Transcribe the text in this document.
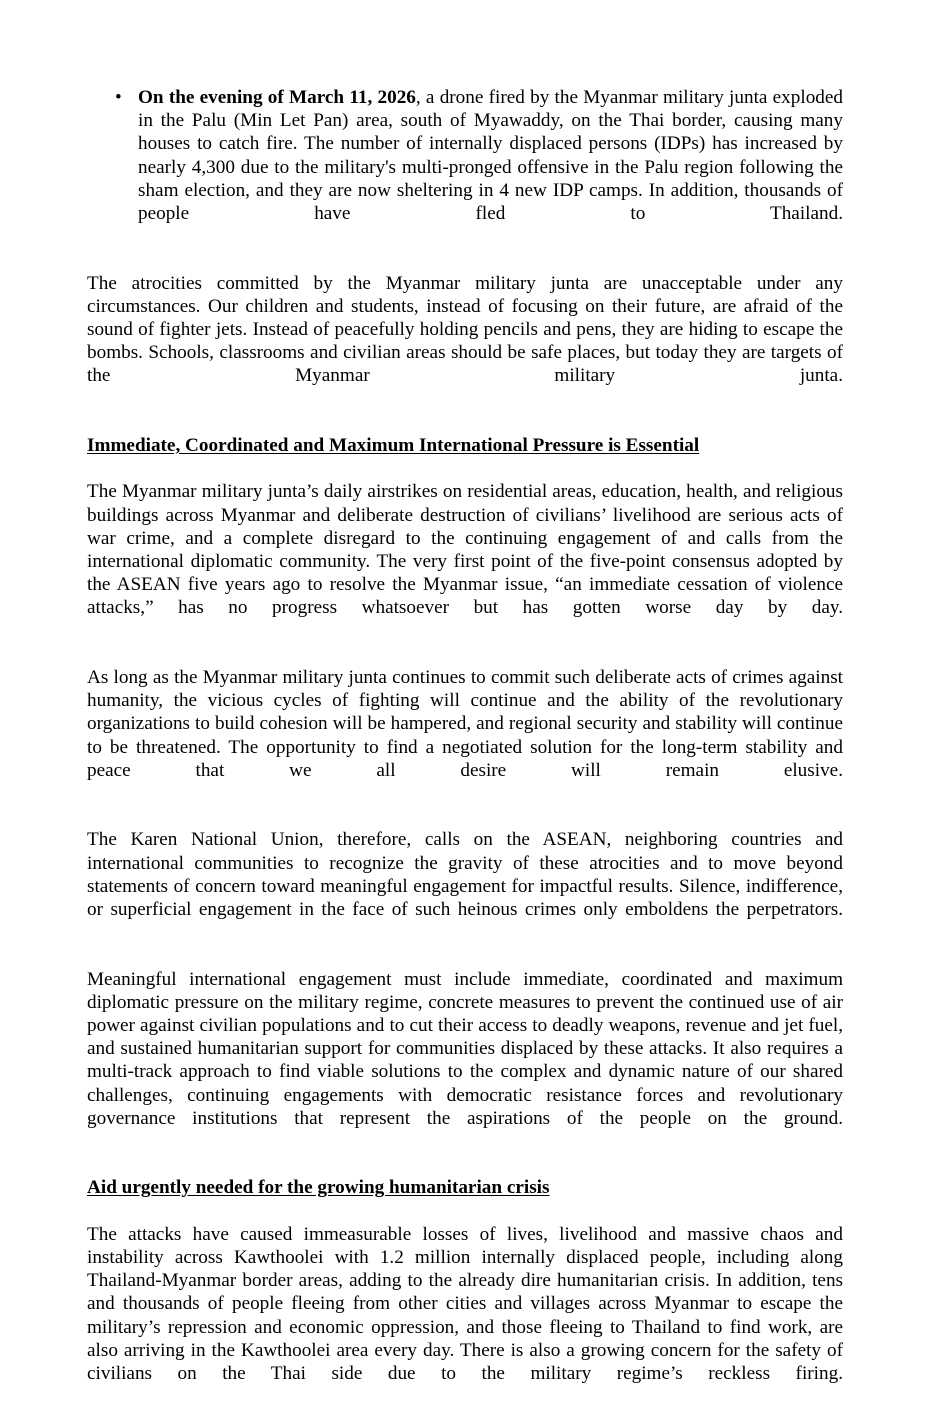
• On the evening of March 11, 2026, a drone fired by the Myanmar military junta exploded in the Palu (Min Let Pan) area, south of Myawaddy, on the Thai border, causing many houses to catch fire. The number of internally displaced persons (IDPs) has increased by nearly 4,300 due to the military's multi-pronged offensive in the Palu region following the sham election, and they are now sheltering in 4 new IDP camps. In addition, thousands of people have fled to Thailand.

The atrocities committed by the Myanmar military junta are unacceptable under any circumstances. Our children and students, instead of focusing on their future, are afraid of the sound of fighter jets. Instead of peacefully holding pencils and pens, they are hiding to escape the bombs. Schools, classrooms and civilian areas should be safe places, but today they are targets of the Myanmar military junta.

Immediate, Coordinated and Maximum International Pressure is Essential

The Myanmar military junta’s daily airstrikes on residential areas, education, health, and religious buildings across Myanmar and deliberate destruction of civilians’ livelihood are serious acts of war crime, and a complete disregard to the continuing engagement of and calls from the international diplomatic community. The very first point of the five-point consensus adopted by the ASEAN five years ago to resolve the Myanmar issue, “an immediate cessation of violence attacks,” has no progress whatsoever but has gotten worse day by day.

As long as the Myanmar military junta continues to commit such deliberate acts of crimes against humanity, the vicious cycles of fighting will continue and the ability of the revolutionary organizations to build cohesion will be hampered, and regional security and stability will continue to be threatened. The opportunity to find a negotiated solution for the long-term stability and peace that we all desire will remain elusive.

The Karen National Union, therefore, calls on the ASEAN, neighboring countries and international communities to recognize the gravity of these atrocities and to move beyond statements of concern toward meaningful engagement for impactful results. Silence, indifference, or superficial engagement in the face of such heinous crimes only emboldens the perpetrators.

Meaningful international engagement must include immediate, coordinated and maximum diplomatic pressure on the military regime, concrete measures to prevent the continued use of air power against civilian populations and to cut their access to deadly weapons, revenue and jet fuel, and sustained humanitarian support for communities displaced by these attacks. It also requires a multi-track approach to find viable solutions to the complex and dynamic nature of our shared challenges, continuing engagements with democratic resistance forces and revolutionary governance institutions that represent the aspirations of the people on the ground.

Aid urgently needed for the growing humanitarian crisis

The attacks have caused immeasurable losses of lives, livelihood and massive chaos and instability across Kawthoolei with 1.2 million internally displaced people, including along Thailand-Myanmar border areas, adding to the already dire humanitarian crisis. In addition, tens and thousands of people fleeing from other cities and villages across Myanmar to escape the military’s repression and economic oppression, and those fleeing to Thailand to find work, are also arriving in the Kawthoolei area every day. There is also a growing concern for the safety of civilians on the Thai side due to the military regime’s reckless firing.
